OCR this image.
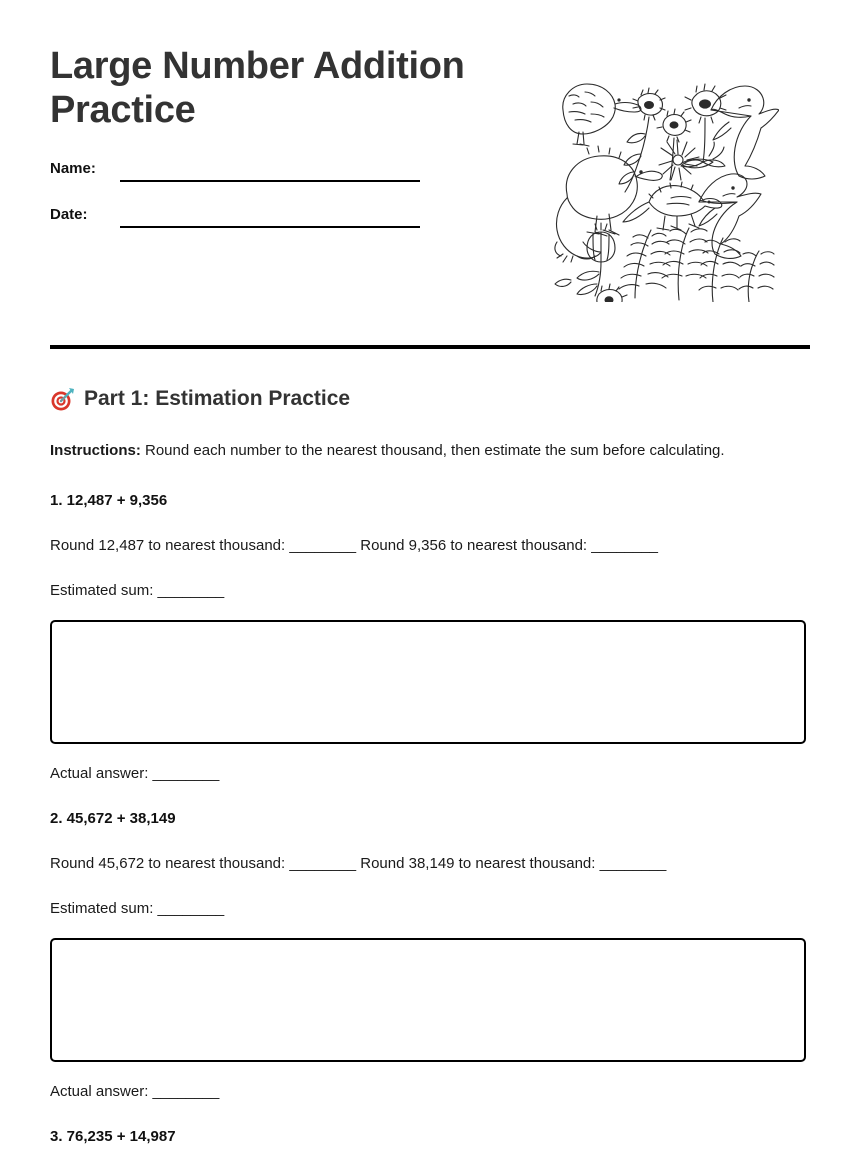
Large Number Addition Practice
Name:
Date:
Part 1: Estimation Practice

Instructions: Round each number to the nearest thousand, then estimate the sum before calculating.

1. 12,487 + 9,356

Round 12,487 to nearest thousand: ________ Round 9,356 to nearest thousand: ________

Estimated sum: ________

Actual answer: ________

2. 45,672 + 38,149

Round 45,672 to nearest thousand: ________ Round 38,149 to nearest thousand: ________

Estimated sum: ________

Actual answer: ________

3. 76,235 + 14,987
